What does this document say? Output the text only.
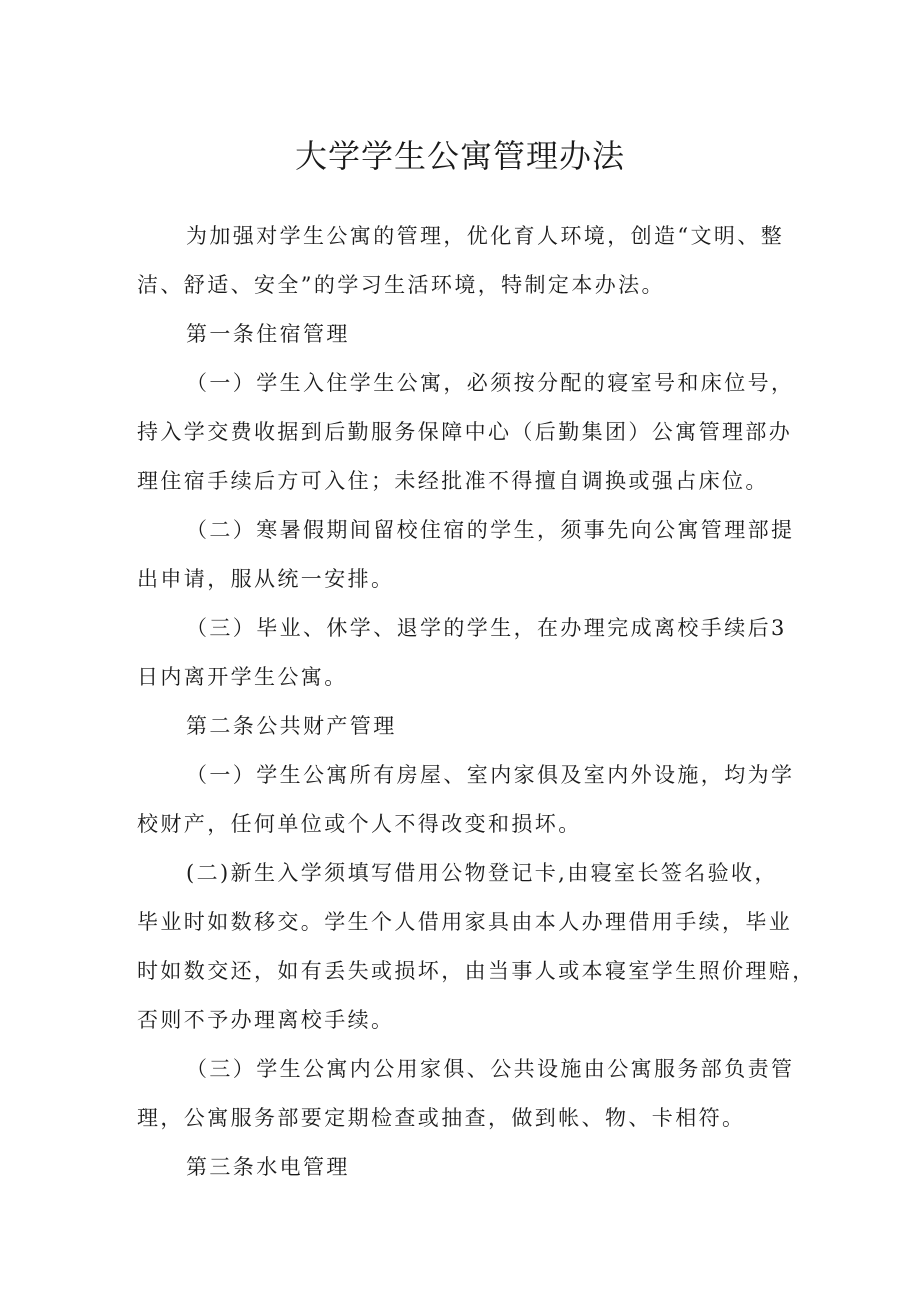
大学学生公寓管理办法
为加强对学生公寓的管理，优化育人环境，创造“文明、整
洁、舒适、安全”的学习生活环境，特制定本办法。
第一条住宿管理
（一）学生入住学生公寓，必须按分配的寝室号和床位号，
持入学交费收据到后勤服务保障中心（后勤集团）公寓管理部办
理住宿手续后方可入住；未经批准不得擅自调换或强占床位。
（二）寒暑假期间留校住宿的学生，须事先向公寓管理部提
出申请，服从统一安排。
（三）毕业、休学、退学的学生，在办理完成离校手续后3
日内离开学生公寓。
第二条公共财产管理
（一）学生公寓所有房屋、室内家俱及室内外设施，均为学
校财产，任何单位或个人不得改变和损坏。
(二)新生入学须填写借用公物登记卡,由寝室长签名验收，
毕业时如数移交。学生个人借用家具由本人办理借用手续，毕业
时如数交还，如有丢失或损坏，由当事人或本寝室学生照价理赔，
否则不予办理离校手续。
（三）学生公寓内公用家俱、公共设施由公寓服务部负责管
理，公寓服务部要定期检查或抽查，做到帐、物、卡相符。
第三条水电管理
